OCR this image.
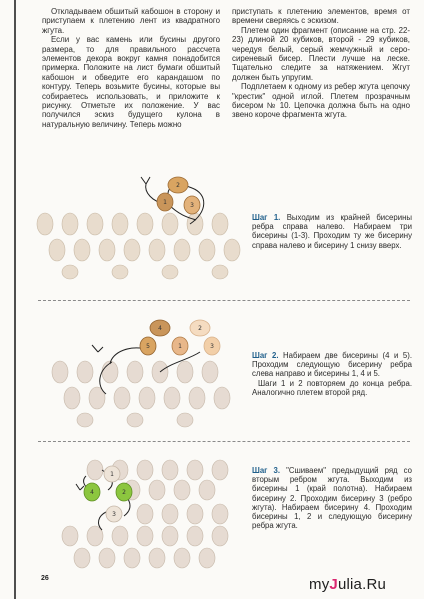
Откладываем обшитый кабошон в сторону и приступаем к плетению лент из квадратного жгута.

Если у вас камень или бусины другого размера, то для правильного рассчета элементов декора вокруг камня понадобится примерка. Положите на лист бумаги обшитый кабошон и обведите его карандашом по контуру. Теперь возьмите бусины, которые вы собираетесь использовать, и приложите к рисунку. Отметьте их положение. У вас получился эскиз будущего кулона в натуральную величину. Теперь можно

приступать к плетению элементов, время от времени сверяясь с эскизом.

Плетем один фрагмент (описание на стр. 22-23) длиной 20 кубиков, второй - 29 кубиков, чередуя белый, серый жемчужный и серо-сиреневый бисер. Плести лучше на леске. Тщательно следите за натяжением. Жгут должен быть упругим.

Подплетаем к одному из ребер жгута цепочку "крестик" одной иглой. Плетем прозрачным бисером № 10. Цепочка должна быть на одно звено короче фрагмента жгута.

2
1	3

Шаг 1. Выходим из крайней бисерины ребра справа налево. Набираем три бисерины (1-3). Проходим ту же бисерину справа налево и бисерину 1 снизу вверх.

4	2
5	3
1

Шаг 2. Набираем две бисерины (4 и 5). Проходим следующую бисерину ребра слева направо и бисерины 1, 4 и 5.

Шаги 1 и 2 повторяем до конца ребра. Аналогично плетем второй ряд.

1
4	2
3

Шаг 3. "Сшиваем" предыдущий ряд со вторым ребром жгута. Выходим из бисерины 1 (край полотна). Набираем бисерину 2. Проходим бисерину 3 (ребро жгута). Набираем бисерину 4. Проходим бисерины 1, 2 и следующую бисерину ребра жгута.

26	myJulia.Ru
